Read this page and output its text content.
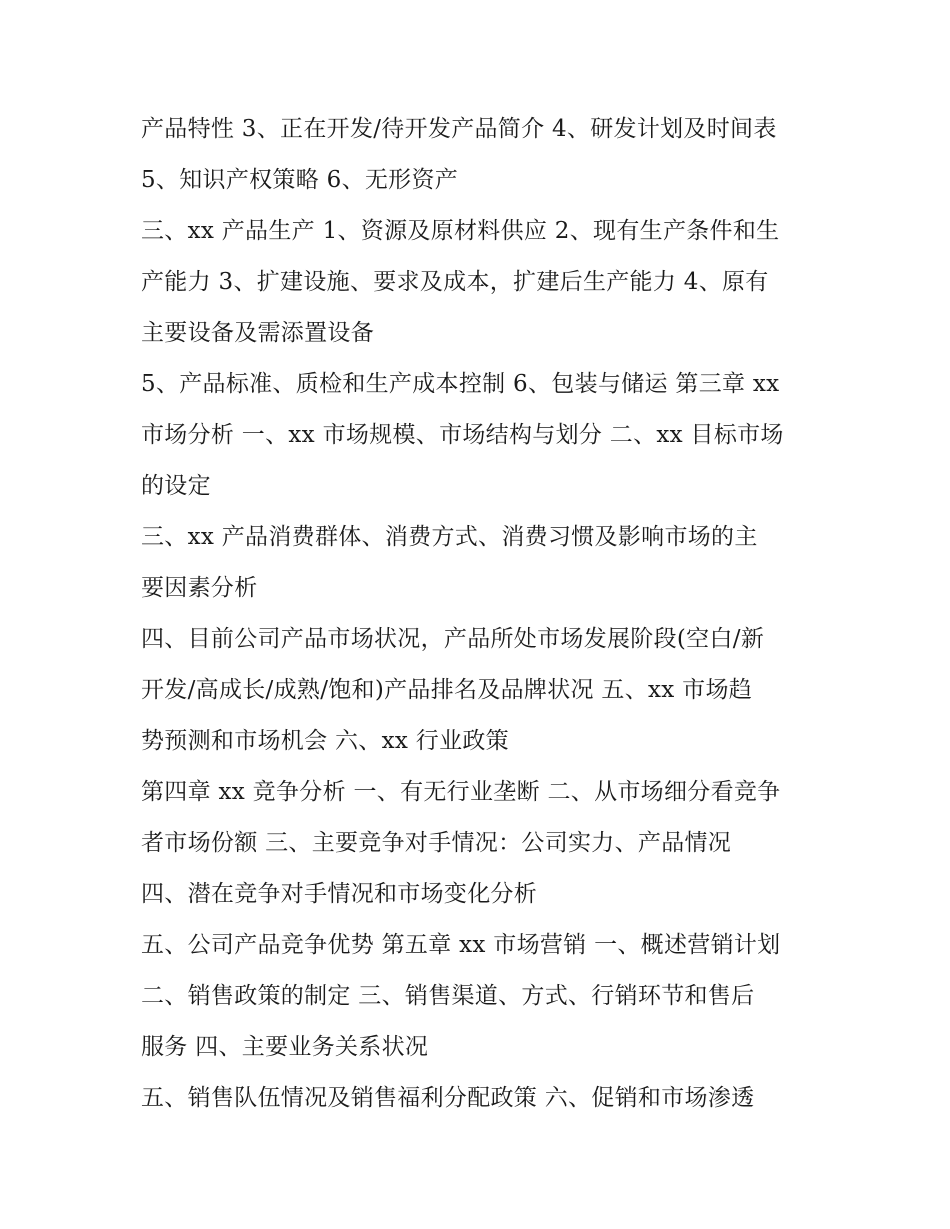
产品特性 3、正在开发/待开发产品简介 4、研发计划及时间表
5、知识产权策略 6、无形资产
三、xx 产品生产 1、资源及原材料供应 2、现有生产条件和生
产能力 3、扩建设施、要求及成本，扩建后生产能力 4、原有
主要设备及需添置设备
5、产品标准、质检和生产成本控制 6、包装与储运 第三章 xx
市场分析 一、xx 市场规模、市场结构与划分 二、xx 目标市场
的设定
三、xx 产品消费群体、消费方式、消费习惯及影响市场的主
要因素分析
四、目前公司产品市场状况，产品所处市场发展阶段(空白/新
开发/高成长/成熟/饱和)产品排名及品牌状况 五、xx 市场趋
势预测和市场机会 六、xx 行业政策
第四章 xx 竞争分析 一、有无行业垄断 二、从市场细分看竞争
者市场份额 三、主要竞争对手情况：公司实力、产品情况
四、潜在竞争对手情况和市场变化分析
五、公司产品竞争优势 第五章 xx 市场营销 一、概述营销计划
二、销售政策的制定 三、销售渠道、方式、行销环节和售后
服务 四、主要业务关系状况
五、销售队伍情况及销售福利分配政策 六、促销和市场渗透
